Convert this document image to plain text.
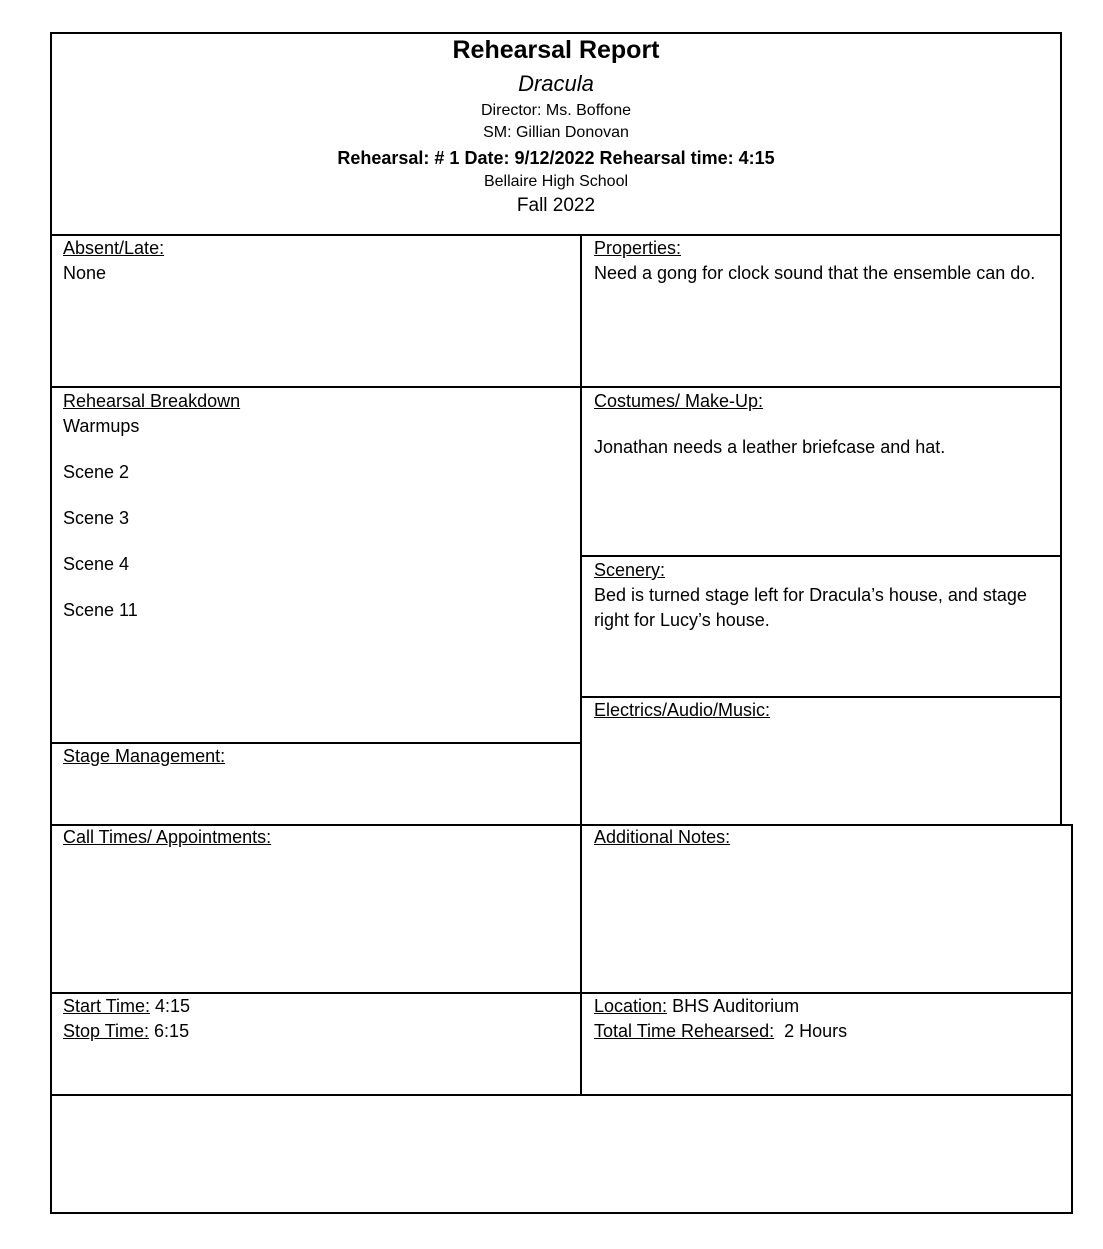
Rehearsal Report
Dracula
Director: Ms. Boffone
SM: Gillian Donovan
Rehearsal: # 1 Date: 9/12/2022 Rehearsal time: 4:15
Bellaire High School
Fall 2022
Absent/Late:
None
Properties:
Need a gong for clock sound that the ensemble can do.
Rehearsal Breakdown
Warmups
Scene 2
Scene 3
Scene 4
Scene 11
Costumes/ Make-Up:
Jonathan needs a leather briefcase and hat.
Scenery:
Bed is turned stage left for Dracula’s house, and stage right for Lucy’s house.
Electrics/Audio/Music:
Stage Management:
Call Times/ Appointments:	Additional Notes:
Start Time: 4:15
Stop Time: 6:15
Location: BHS Auditorium
Total Time Rehearsed:  2 Hours
